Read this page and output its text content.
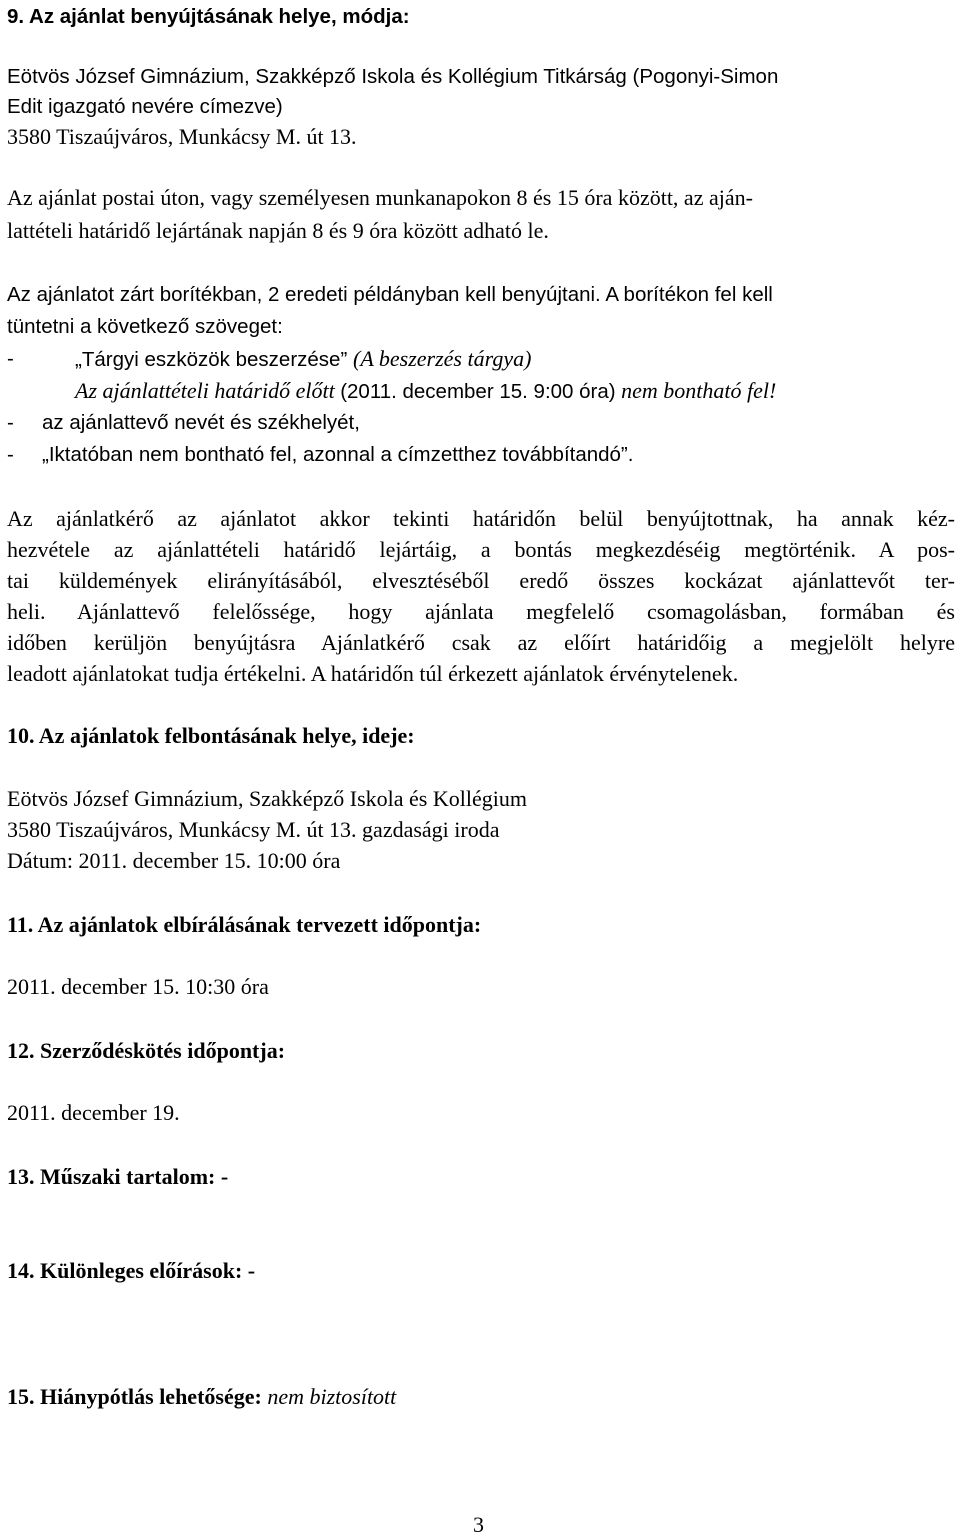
9. Az ajánlat benyújtásának helye, módja:
Eötvös József Gimnázium, Szakképző Iskola és Kollégium Titkárság (Pogonyi-Simon
Edit igazgató nevére címezve)
3580 Tiszaújváros, Munkácsy M. út 13.
Az ajánlat postai úton, vagy személyesen munkanapokon 8 és 15 óra között, az aján-
lattételi határidő lejártának napján 8 és 9 óra között adható le.
Az ajánlatot zárt borítékban, 2 eredeti példányban kell benyújtani. A borítékon fel kell
tüntetni a következő szöveget:
-	„Tárgyi eszközök beszerzése” (A beszerzés tárgya)
Az ajánlattételi határidő előtt (2011. december 15. 9:00 óra) nem bontható fel!
- az ajánlattevő nevét és székhelyét,
- „Iktatóban nem bontható fel, azonnal a címzetthez továbbítandó”.
Az ajánlatkérő az ajánlatot akkor tekinti határidőn belül benyújtottnak, ha annak kéz-
hezvétele az ajánlattételi határidő lejártáig, a bontás megkezdéséig megtörténik. A pos-
tai küldemények elirányításából, elvesztéséből eredő összes kockázat ajánlattevőt ter-
heli. Ajánlattevő felelőssége, hogy ajánlata megfelelő csomagolásban, formában és
időben kerüljön benyújtásra Ajánlatkérő csak az előírt határidőig a megjelölt helyre
leadott ajánlatokat tudja értékelni. A határidőn túl érkezett ajánlatok érvénytelenek.
10. Az ajánlatok felbontásának helye, ideje:
Eötvös József Gimnázium, Szakképző Iskola és Kollégium
3580 Tiszaújváros, Munkácsy M. út 13. gazdasági iroda
Dátum: 2011. december 15. 10:00 óra
11. Az ajánlatok elbírálásának tervezett időpontja:
2011. december 15. 10:30 óra
12. Szerződéskötés időpontja:
2011. december 19.
13. Műszaki tartalom: -
14. Különleges előírások: -
15. Hiánypótlás lehetősége: nem biztosított
3
